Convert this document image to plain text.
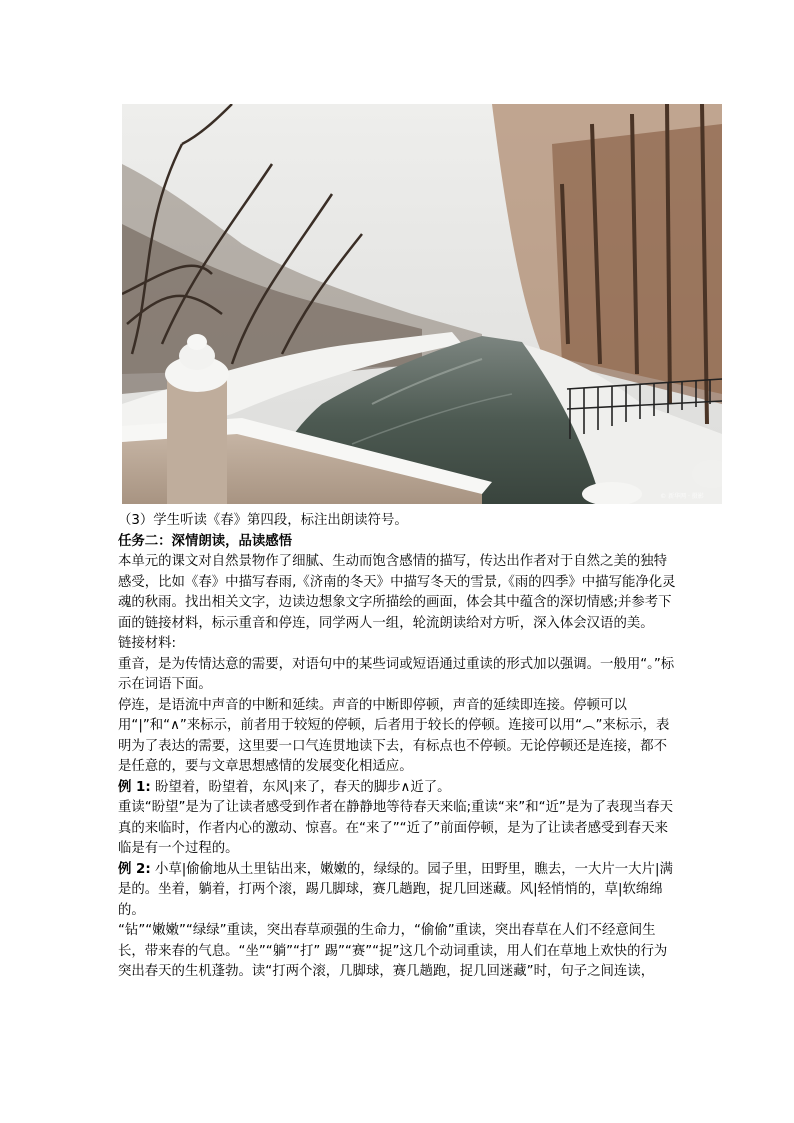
© 新华网 · 摄影

（3）学生听读《春》第四段，标注出朗读符号。

任务二：深情朗读，品读感悟

本单元的课文对自然景物作了细腻、生动而饱含感情的描写，传达出作者对于自然之美的独特感受，比如《春》中描写春雨,《济南的冬天》中描写冬天的雪景,《雨的四季》中描写能净化灵魂的秋雨。找出相关文字，边读边想象文字所描绘的画面，体会其中蕴含的深切情感;并参考下面的链接材料，标示重音和停连，同学两人一组，轮流朗读给对方听，深入体会汉语的美。

链接材料:

重音，是为传情达意的需要，对语句中的某些词或短语通过重读的形式加以强调。一般用“。”标示在词语下面。

停连，是语流中声音的中断和延续。声音的中断即停顿，声音的延续即连接。停顿可以用“|”和“∧”来标示，前者用于较短的停顿，后者用于较长的停顿。连接可以用“︵”来标示，表明为了表达的需要，这里要一口气连贯地读下去，有标点也不停顿。无论停顿还是连接，都不是任意的，要与文章思想感情的发展变化相适应。

例 1: 盼望着，盼望着，东风|来了，春天的脚步∧近了。

重读“盼望”是为了让读者感受到作者在静静地等待春天来临;重读“来”和“近”是为了表现当春天真的来临时，作者内心的激动、惊喜。在“来了”“近了”前面停顿，是为了让读者感受到春天来临是有一个过程的。

例 2: 小草|偷偷地从土里钻出来，嫩嫩的，绿绿的。园子里，田野里，瞧去，一大片一大片|满是的。坐着，躺着，打两个滚，踢几脚球，赛几趟跑，捉几回迷藏。风|轻悄悄的，草|软绵绵的。

“钻”“嫩嫩”“绿绿”重读，突出春草顽强的生命力，“偷偷”重读，突出春草在人们不经意间生长，带来春的气息。“坐”“躺”“打” 踢”“赛”“捉”这几个动词重读，用人们在草地上欢快的行为突出春天的生机蓬勃。读“打两个滚，几脚球，赛几趟跑，捉几回迷藏”时，句子之间连读，
